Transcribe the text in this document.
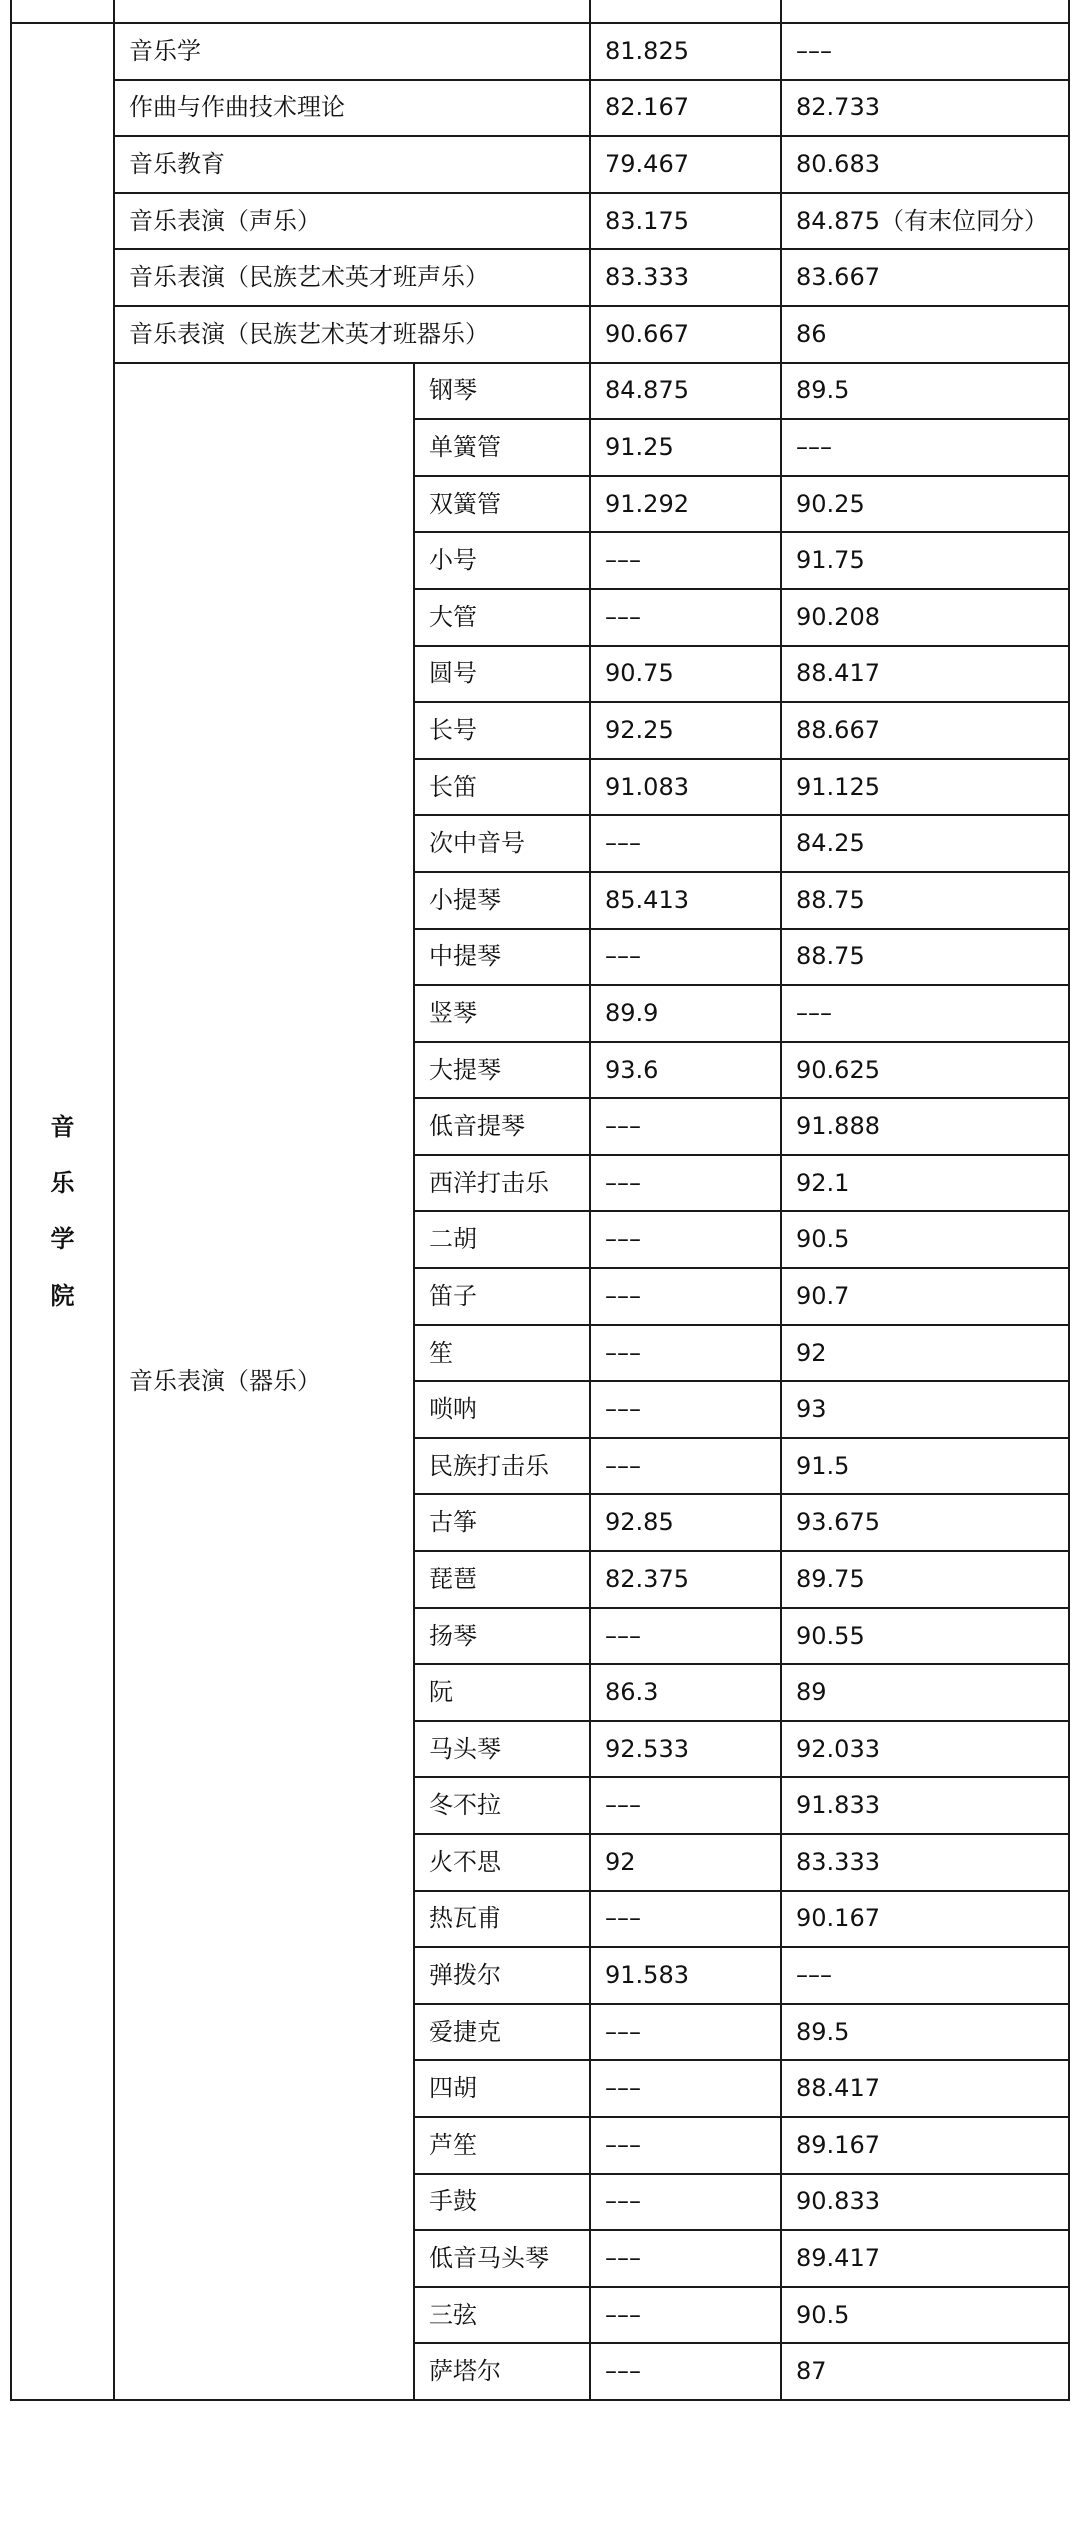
音乐学院	音乐学		81.825	–––
	作曲与作曲技术理论		82.167	82.733
	音乐教育		79.467	80.683
	音乐表演（声乐）		83.175	84.875（有末位同分）
	音乐表演（民族艺术英才班声乐）		83.333	83.667
	音乐表演（民族艺术英才班器乐）		90.667	86
	音乐表演（器乐）	钢琴	84.875	89.5
		单簧管	91.25	–––
		双簧管	91.292	90.25
		小号	–––	91.75
		大管	–––	90.208
		圆号	90.75	88.417
		长号	92.25	88.667
		长笛	91.083	91.125
		次中音号	–––	84.25
		小提琴	85.413	88.75
		中提琴	–––	88.75
		竖琴	89.9	–––
		大提琴	93.6	90.625
		低音提琴	–––	91.888
		西洋打击乐	–––	92.1
		二胡	–––	90.5
		笛子	–––	90.7
		笙	–––	92
		唢呐	–––	93
		民族打击乐	–––	91.5
		古筝	92.85	93.675
		琵琶	82.375	89.75
		扬琴	–––	90.55
		阮	86.3	89
		马头琴	92.533	92.033
		冬不拉	–––	91.833
		火不思	92	83.333
		热瓦甫	–––	90.167
		弹拨尔	91.583	–––
		爱捷克	–––	89.5
		四胡	–––	88.417
		芦笙	–––	89.167
		手鼓	–––	90.833
		低音马头琴	–––	89.417
		三弦	–––	90.5
		萨塔尔	–––	87
